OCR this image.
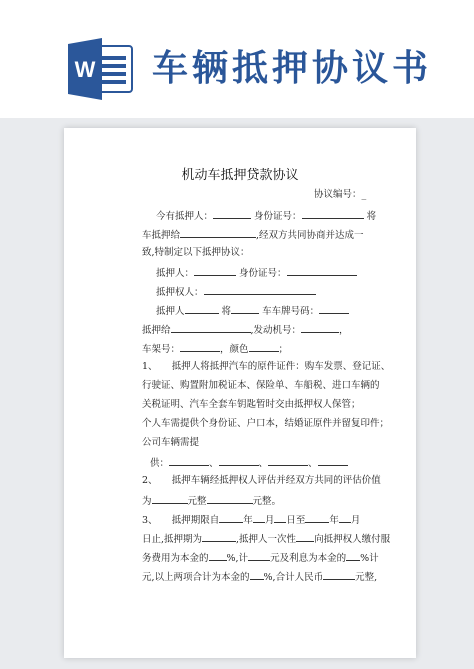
W 车辆抵押协议书
机动车抵押贷款协议
协议编号：_
今有抵押人：	身份证号：	将
车抵押给	,经双方共同协商并达成一
致,特制定以下抵押协议：
抵押人：	身份证号：
抵押权人：
抵押人	将	车车牌号码：
抵押给	,发动机号：	，
车架号：	，颜色	；
1、　　抵押人将抵押汽车的原件证件：购车发票、登记证、
行驶证、购置附加税证本、保险单、车船税、进口车辆的
关税证明、汽车全套车钥匙暂时交由抵押权人保管；
个人车需提供个身份证、户口本，结婚证原件并留复印件；
公司车辆需提
供：	、	、	、
2、　　抵押车辆经抵押权人评估并经双方共同的评估价值
为	元整	元整。
3、　　抵押期限自	年 月 日至	年 月
日止,抵押期为	,抵押人一次性 向抵押权人缴付服
务费用为本金的 %,计 元及利息为本金的 %计
元,以上两项合计为本金的 %,合计人民币	元整,
